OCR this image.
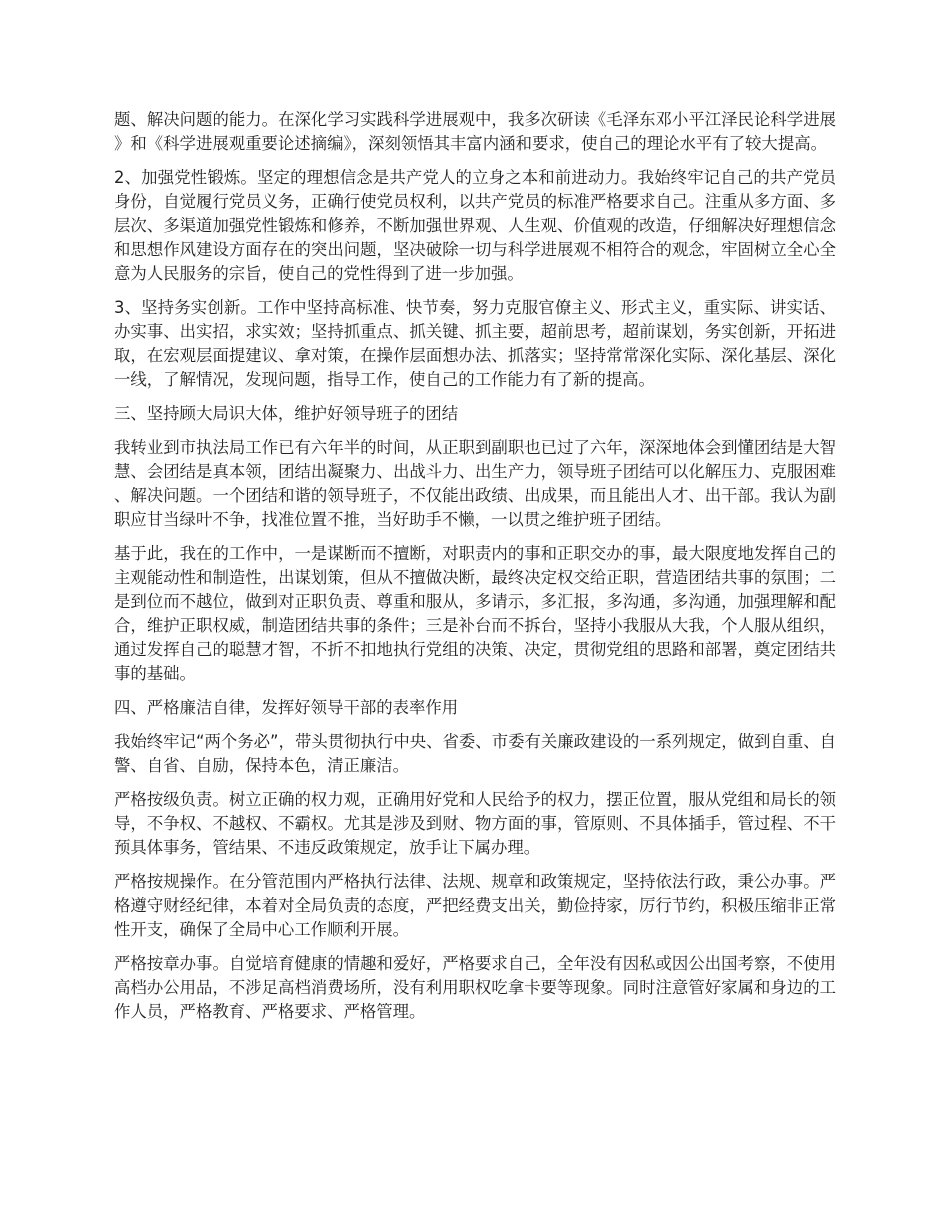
题、解决问题的能力。在深化学习实践科学进展观中，我多次研读《毛泽东邓小平江泽民论科学进展》和《科学进展观重要论述摘编》，深刻领悟其丰富内涵和要求，使自己的理论水平有了较大提高。

2、加强党性锻炼。坚定的理想信念是共产党人的立身之本和前进动力。我始终牢记自己的共产党员身份，自觉履行党员义务，正确行使党员权利，以共产党员的标准严格要求自己。注重从多方面、多层次、多渠道加强党性锻炼和修养，不断加强世界观、人生观、价值观的改造，仔细解决好理想信念和思想作风建设方面存在的突出问题，坚决破除一切与科学进展观不相符合的观念，牢固树立全心全意为人民服务的宗旨，使自己的党性得到了进一步加强。

3、坚持务实创新。工作中坚持高标准、快节奏，努力克服官僚主义、形式主义，重实际、讲实话、办实事、出实招，求实效；坚持抓重点、抓关键、抓主要，超前思考，超前谋划，务实创新，开拓进取，在宏观层面提建议、拿对策，在操作层面想办法、抓落实；坚持常常深化实际、深化基层、深化一线，了解情况，发现问题，指导工作，使自己的工作能力有了新的提高。

三、坚持顾大局识大体，维护好领导班子的团结

我转业到市执法局工作已有六年半的时间，从正职到副职也已过了六年，深深地体会到懂团结是大智慧、会团结是真本领，团结出凝聚力、出战斗力、出生产力，领导班子团结可以化解压力、克服困难、解决问题。一个团结和谐的领导班子，不仅能出政绩、出成果，而且能出人才、出干部。我认为副职应甘当绿叶不争，找准位置不推，当好助手不懒，一以贯之维护班子团结。

基于此，我在的工作中，一是谋断而不擅断，对职责内的事和正职交办的事，最大限度地发挥自己的主观能动性和制造性，出谋划策，但从不擅做决断，最终决定权交给正职，营造团结共事的氛围；二是到位而不越位，做到对正职负责、尊重和服从，多请示，多汇报，多沟通，多沟通，加强理解和配合，维护正职权威，制造团结共事的条件；三是补台而不拆台，坚持小我服从大我，个人服从组织，通过发挥自己的聪慧才智，不折不扣地执行党组的决策、决定，贯彻党组的思路和部署，奠定团结共事的基础。

四、严格廉洁自律，发挥好领导干部的表率作用

我始终牢记“两个务必”，带头贯彻执行中央、省委、市委有关廉政建设的一系列规定，做到自重、自警、自省、自励，保持本色，清正廉洁。

严格按级负责。树立正确的权力观，正确用好党和人民给予的权力，摆正位置，服从党组和局长的领导，不争权、不越权、不霸权。尤其是涉及到财、物方面的事，管原则、不具体插手，管过程、不干预具体事务，管结果、不违反政策规定，放手让下属办理。

严格按规操作。在分管范围内严格执行法律、法规、规章和政策规定，坚持依法行政，秉公办事。严格遵守财经纪律，本着对全局负责的态度，严把经费支出关，勤俭持家，厉行节约，积极压缩非正常性开支，确保了全局中心工作顺利开展。

严格按章办事。自觉培育健康的情趣和爱好，严格要求自己，全年没有因私或因公出国考察，不使用高档办公用品，不涉足高档消费场所，没有利用职权吃拿卡要等现象。同时注意管好家属和身边的工作人员，严格教育、严格要求、严格管理。
